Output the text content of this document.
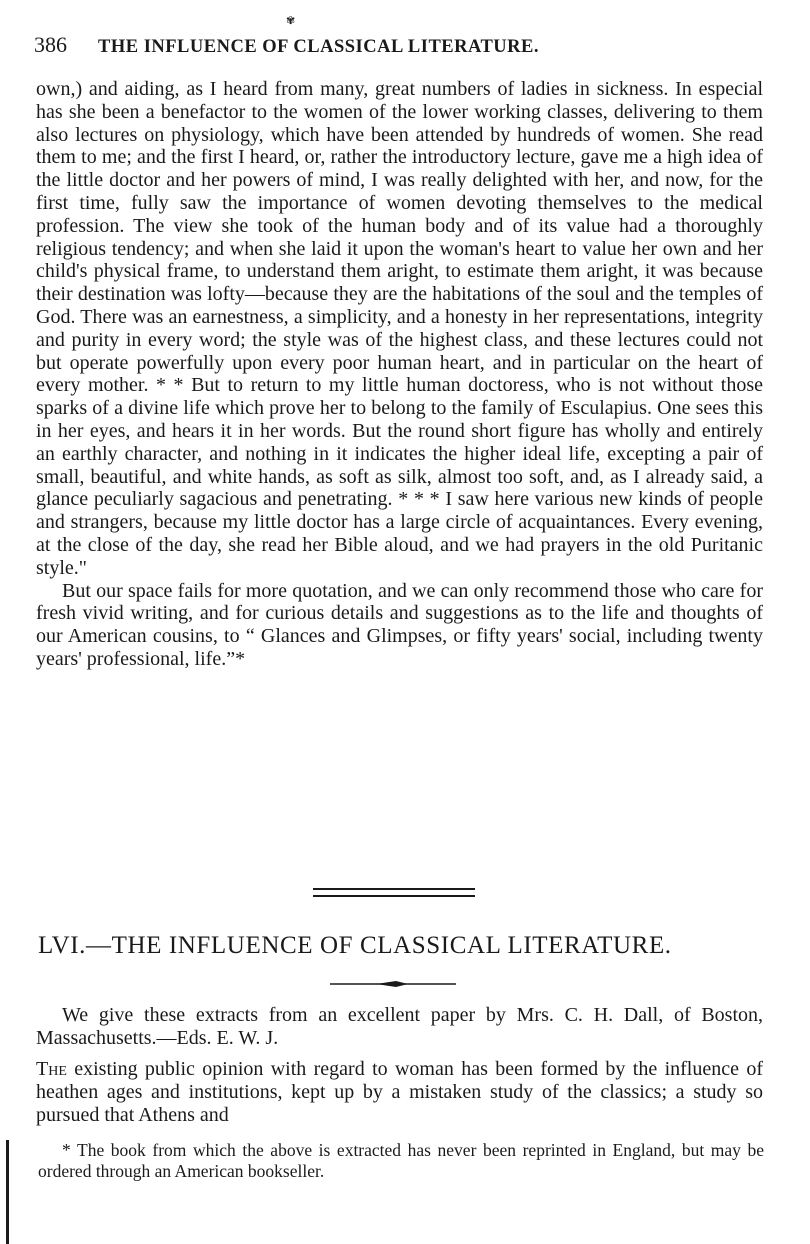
✾
386 THE INFLUENCE OF CLASSICAL LITERATURE.

own,) and aiding, as I heard from many, great numbers of ladies in sickness. In especial has she been a benefactor to the women of the lower working classes, delivering to them also lectures on physiology, which have been attended by hundreds of women. She read them to me; and the first I heard, or, rather the introductory lecture, gave me a high idea of the little doctor and her powers of mind, I was really delighted with her, and now, for the first time, fully saw the importance of women devoting themselves to the medical profession. The view she took of the human body and of its value had a thoroughly religious tendency; and when she laid it upon the woman's heart to value her own and her child's physical frame, to understand them aright, to estimate them aright, it was because their destination was lofty—because they are the habitations of the soul and the temples of God. There was an earnestness, a simplicity, and a honesty in her representations, integrity and purity in every word; the style was of the highest class, and these lectures could not but operate powerfully upon every poor human heart, and in particular on the heart of every mother. * * But to return to my little human doctoress, who is not without those sparks of a divine life which prove her to belong to the family of Esculapius. One sees this in her eyes, and hears it in her words. But the round short figure has wholly and entirely an earthly character, and nothing in it indicates the higher ideal life, excepting a pair of small, beautiful, and white hands, as soft as silk, almost too soft, and, as I already said, a glance peculiarly sagacious and penetrating. * * * I saw here various new kinds of people and strangers, because my little doctor has a large circle of acquaintances. Every evening, at the close of the day, she read her Bible aloud, and we had prayers in the old Puritanic style."

But our space fails for more quotation, and we can only recommend those who care for fresh vivid writing, and for curious details and suggestions as to the life and thoughts of our American cousins, to “ Glances and Glimpses, or fifty years' social, including twenty years' professional, life.”*

LVI.—THE INFLUENCE OF CLASSICAL LITERATURE.

We give these extracts from an excellent paper by Mrs. C. H. Dall, of Boston, Massachusetts.—Eds. E. W. J.

The existing public opinion with regard to woman has been formed by the influence of heathen ages and institutions, kept up by a mistaken study of the classics; a study so pursued that Athens and

* The book from which the above is extracted has never been reprinted in England, but may be ordered through an American bookseller.
